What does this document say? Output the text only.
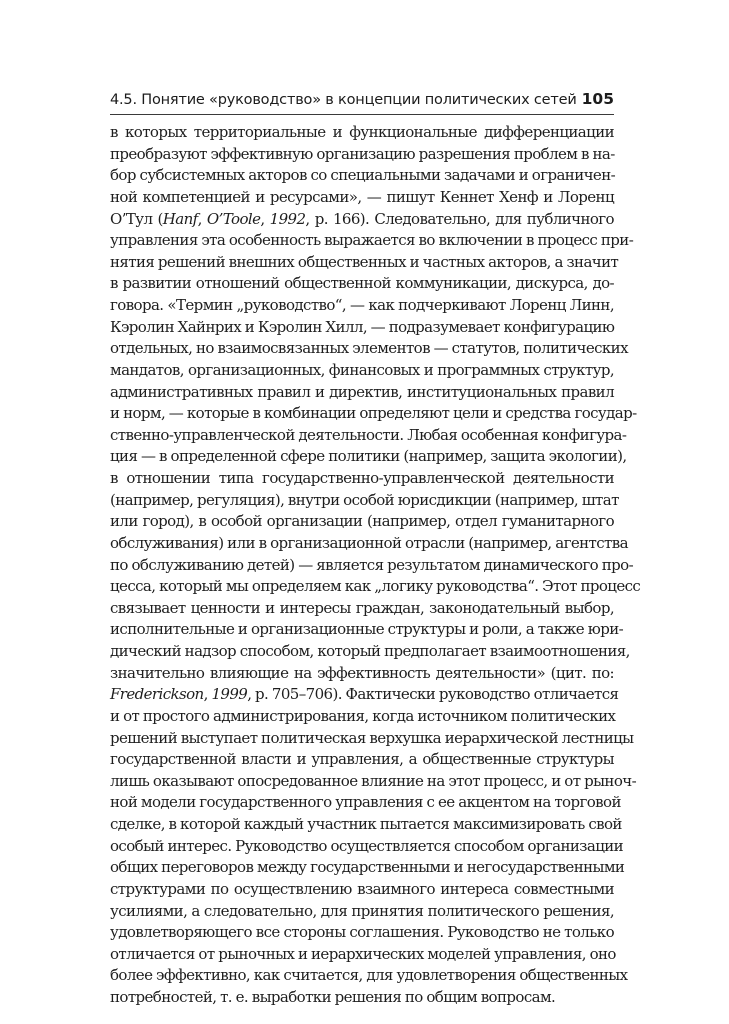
4.5. Понятие «руководство» в концепции политических сетей 105
в которых территориальные и функциональные дифференциации
преобразуют эффективную организацию разрешения проблем в на-
бор субсистемных акторов со специальными задачами и ограничен-
ной компетенцией и ресурсами», — пишут Кеннет Хенф и Лоренц
О’Тул (Hanf, O’Toole, 1992, р. 166). Следовательно, для публичного
управления эта особенность выражается во включении в процесс при-
нятия решений внешних общественных и частных акторов, а значит
в развитии отношений общественной коммуникации, дискурса, до-
говора. «Термин „руководство“, — как подчеркивают Лоренц Линн,
Кэролин Хайнрих и Кэролин Хилл, — подразумевает конфигурацию
отдельных, но взаимосвязанных элементов — статутов, политических
мандатов, организационных, финансовых и программных структур,
административных правил и директив, институциональных правил
и норм, — которые в комбинации определяют цели и средства государ-
ственно-управленческой деятельности. Любая особенная конфигура-
ция — в определенной сфере политики (например, защита экологии),
в отношении типа государственно-управленческой деятельности
(например, регуляция), внутри особой юрисдикции (например, штат
или город), в особой организации (например, отдел гуманитарного
обслуживания) или в организационной отрасли (например, агентства
по обслуживанию детей) — является результатом динамического про-
цесса, который мы определяем как „логику руководства“. Этот процесс
связывает ценности и интересы граждан, законодательный выбор,
исполнительные и организационные структуры и роли, а также юри-
дический надзор способом, который предполагает взаимоотношения,
значительно влияющие на эффективность деятельности» (цит. по:
Frederickson, 1999, р. 705–706). Фактически руководство отличается
и от простого администрирования, когда источником политических
решений выступает политическая верхушка иерархической лестницы
государственной власти и управления, а общественные структуры
лишь оказывают опосредованное влияние на этот процесс, и от рыноч-
ной модели государственного управления с ее акцентом на торговой
сделке, в которой каждый участник пытается максимизировать свой
особый интерес. Руководство осуществляется способом организации
общих переговоров между государственными и негосударственными
структурами по осуществлению взаимного интереса совместными
усилиями, а следовательно, для принятия политического решения,
удовлетворяющего все стороны соглашения. Руководство не только
отличается от рыночных и иерархических моделей управления, оно
более эффективно, как считается, для удовлетворения общественных
потребностей, т. е. выработки решения по общим вопросам.
